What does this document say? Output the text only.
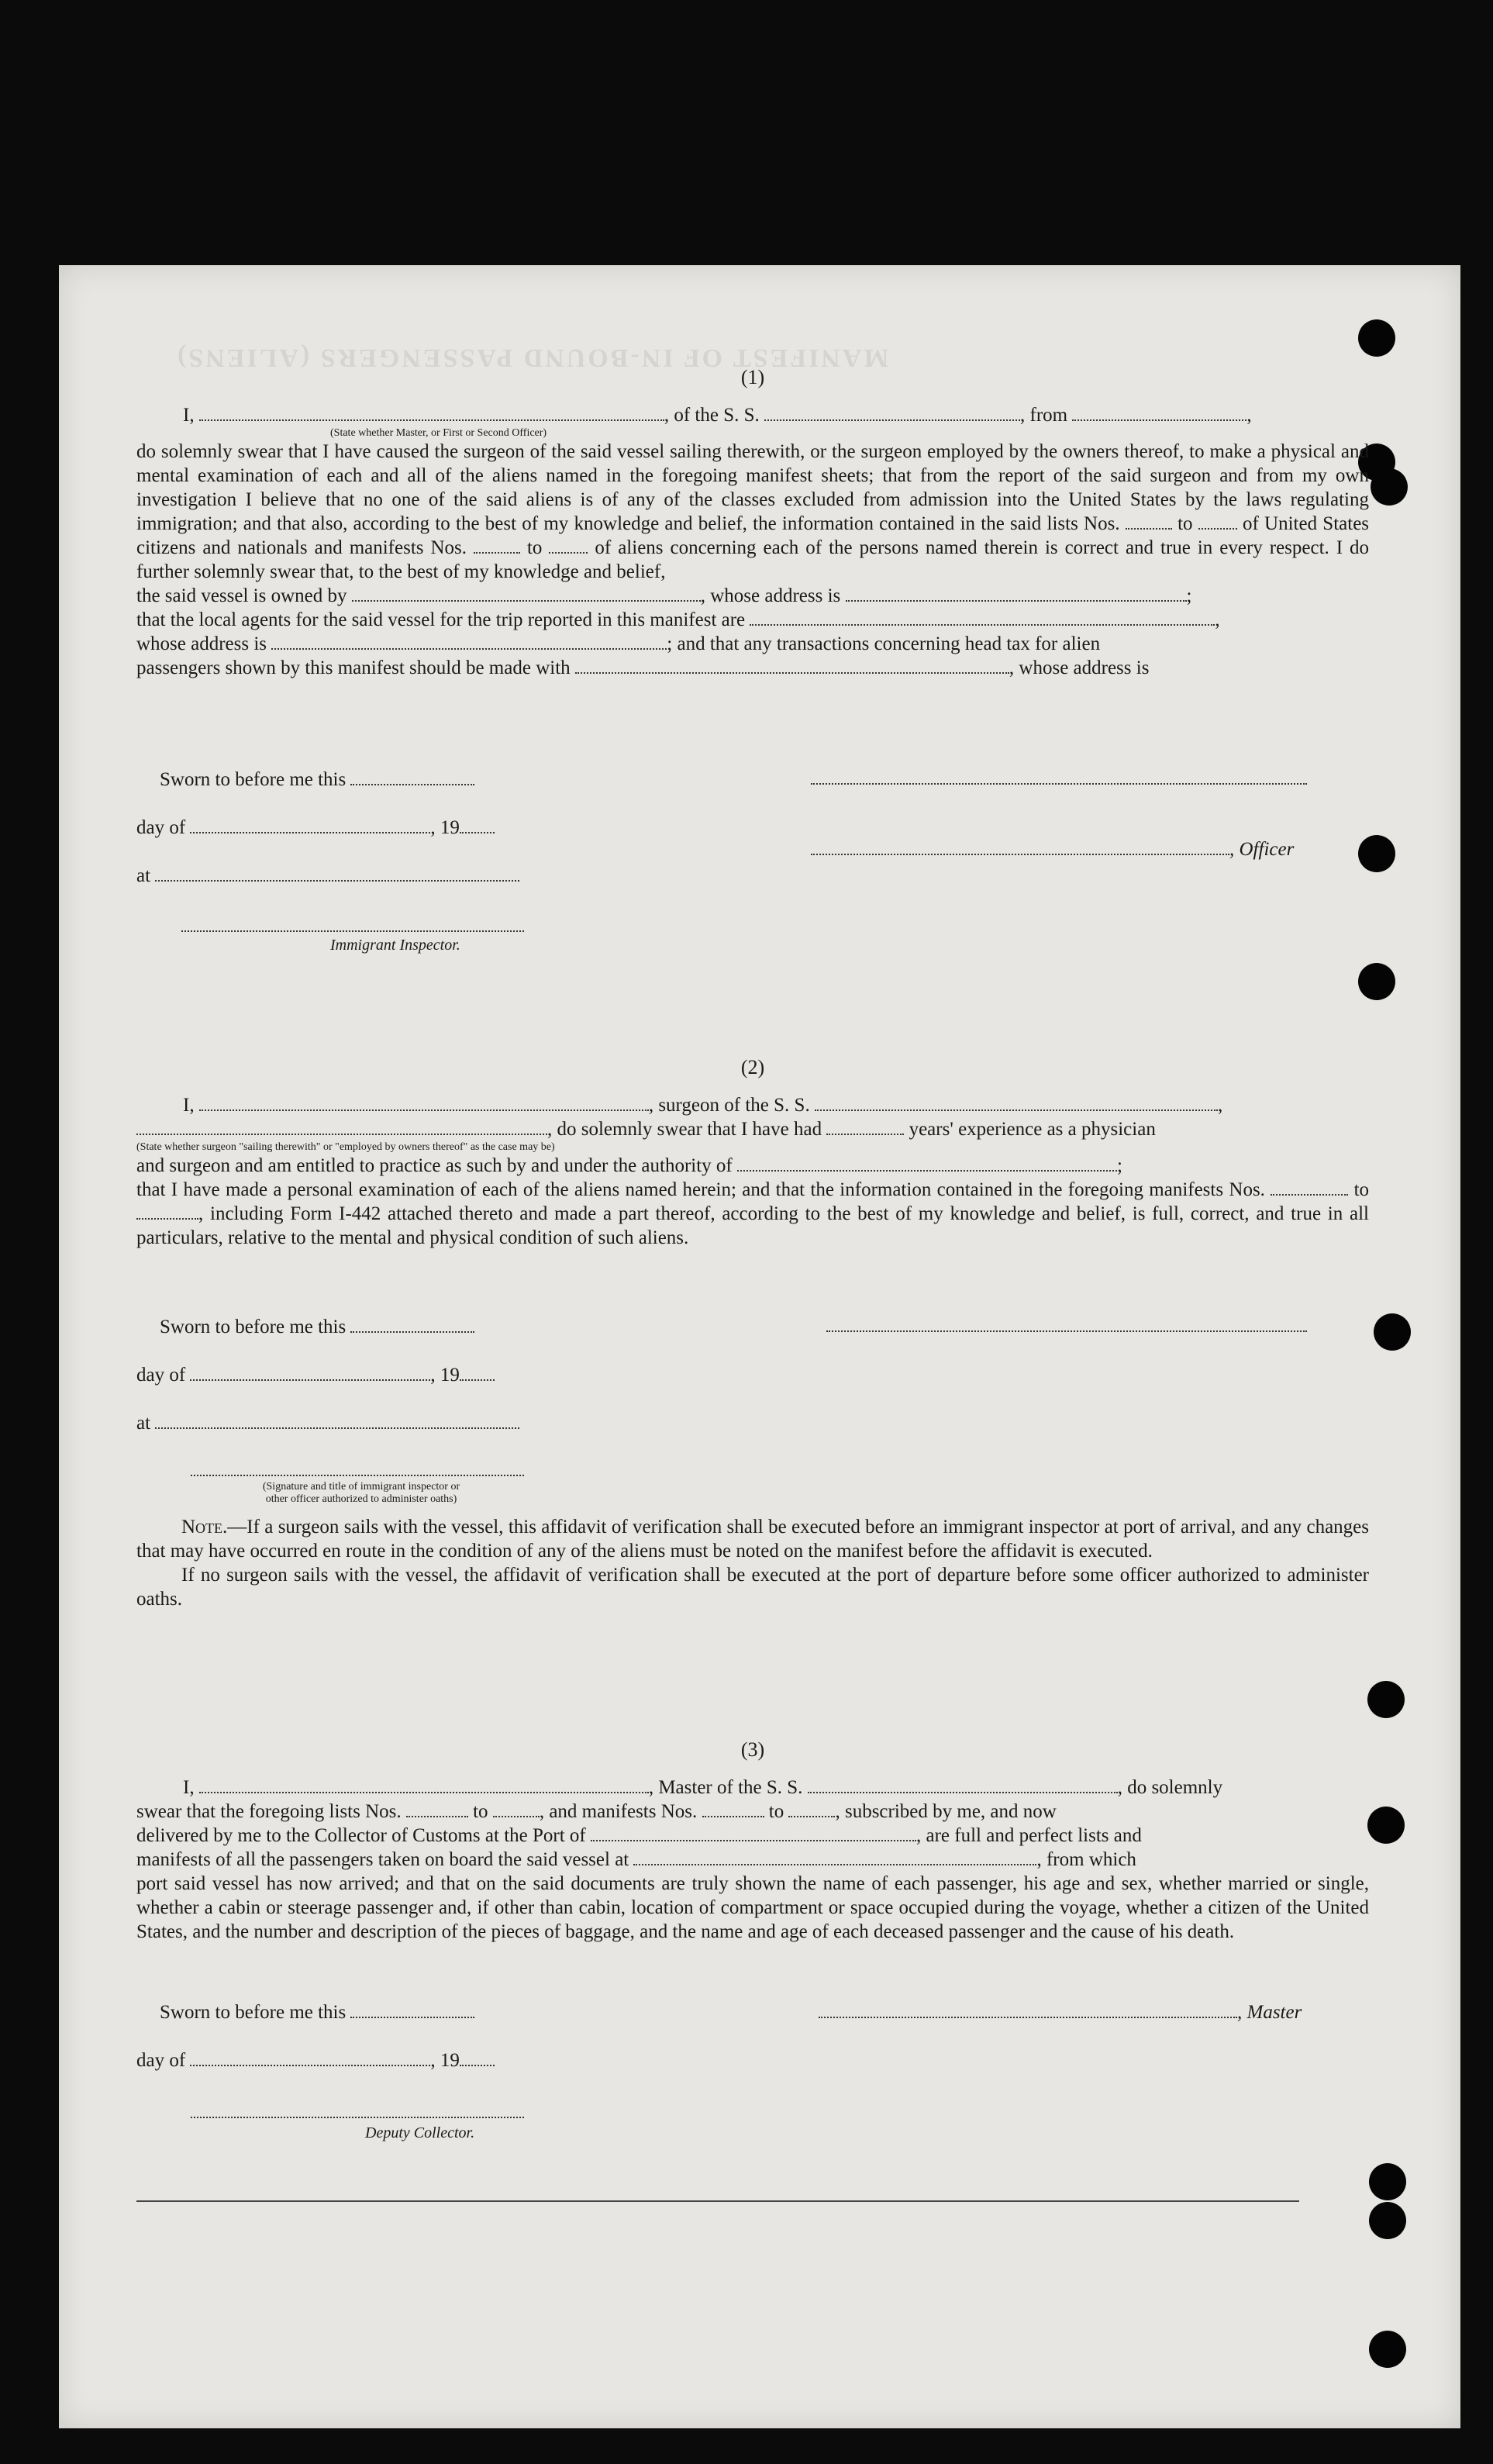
MANIFEST OF IN-BOUND PASSENGERS (ALIENS)
(1)
I,	, of the S. S.	, from	,
(State whether Master, or First or Second Officer)
do solemnly swear that I have caused the surgeon of the said vessel sailing therewith, or the surgeon employed by the owners thereof, to make a physical and mental examination of each and all of the aliens named in the foregoing manifest sheets; that from the report of the said surgeon and from my own investigation I believe that no one of the said aliens is of any of the classes excluded from admission into the United States by the laws regulating immigration; and that also, according to the best of my knowledge and belief, the information contained in the said lists Nos.	to	of United States citizens and nationals and manifests Nos.	to	of aliens concerning each of the persons named therein is correct and true in every respect. I do further solemnly swear that, to the best of my knowledge and belief,
the said vessel is owned by	, whose address is	;
that the local agents for the said vessel for the trip reported in this manifest are	,
whose address is	; and that any transactions concerning head tax for alien
passengers shown by this manifest should be made with	, whose address is
Sworn to before me this
day of	, 19
at
Immigrant Inspector.
, Officer
(2)
I,	, surgeon of the S. S.	,
, do solemnly swear that I have had	years' experience as a physician
(State whether surgeon "sailing therewith" or "employed by owners thereof" as the case may be)
and surgeon and am entitled to practice as such by and under the authority of	;
that I have made a personal examination of each of the aliens named herein; and that the information contained in the foregoing manifests Nos.	to , including Form I-442 attached thereto and made a part thereof, according to the best of my knowledge and belief, is full, correct, and true in all particulars, relative to the mental and physical condition of such aliens.
Sworn to before me this
day of	, 19
at
(Signature and title of immigrant inspector or
other officer authorized to administer oaths)
Note.—If a surgeon sails with the vessel, this affidavit of verification shall be executed before an immigrant inspector at port of arrival, and any changes that may have occurred en route in the condition of any of the aliens must be noted on the manifest before the affidavit is executed.
If no surgeon sails with the vessel, the affidavit of verification shall be executed at the port of departure before some officer authorized to administer oaths.
(3)
I,	, Master of the S. S.	, do solemnly
swear that the foregoing lists Nos.	to	, and manifests Nos.	to	, subscribed by me, and now
delivered by me to the Collector of Customs at the Port of	, are full and perfect lists and
manifests of all the passengers taken on board the said vessel at	, from which
port said vessel has now arrived; and that on the said documents are truly shown the name of each passenger, his age and sex, whether married or single, whether a cabin or steerage passenger and, if other than cabin, location of compartment or space occupied during the voyage, whether a citizen of the United States, and the number and description of the pieces of baggage, and the name and age of each deceased passenger and the cause of his death.
Sworn to before me this	, Master
day of	, 19
Deputy Collector.
